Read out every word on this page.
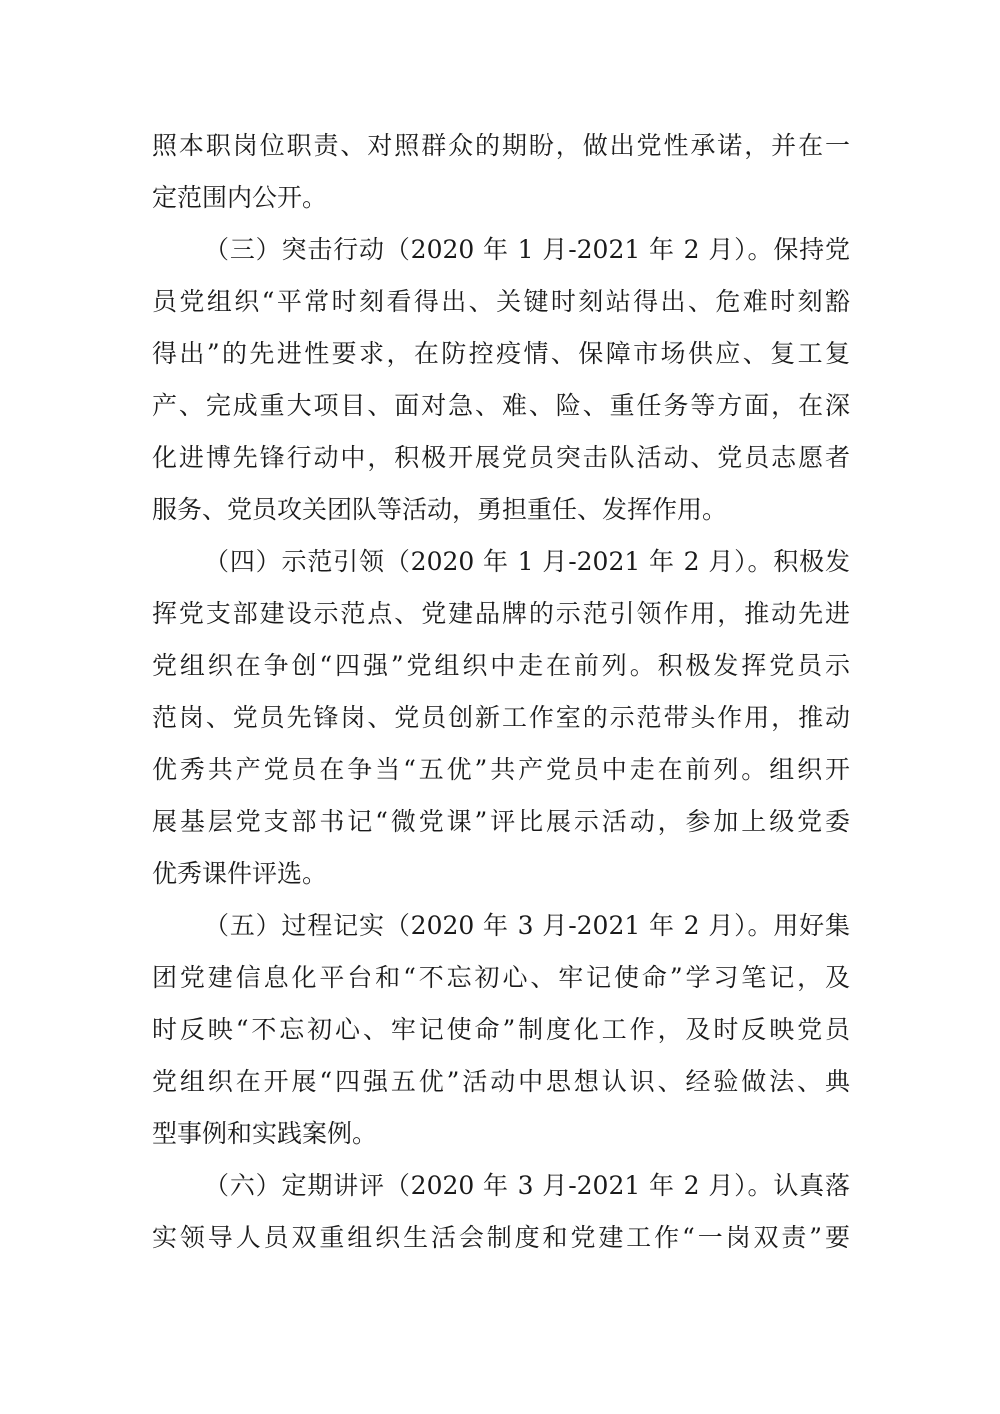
照本职岗位职责、对照群众的期盼，做出党性承诺，并在一
定范围内公开。
（三）突击行动（2020 年 1 月-2021 年 2 月）。保持党
员党组织“平常时刻看得出、关键时刻站得出、危难时刻豁
得出”的先进性要求，在防控疫情、保障市场供应、复工复
产、完成重大项目、面对急、难、险、重任务等方面，在深
化进博先锋行动中，积极开展党员突击队活动、党员志愿者
服务、党员攻关团队等活动，勇担重任、发挥作用。
（四）示范引领（2020 年 1 月-2021 年 2 月）。积极发
挥党支部建设示范点、党建品牌的示范引领作用，推动先进
党组织在争创“四强”党组织中走在前列。积极发挥党员示
范岗、党员先锋岗、党员创新工作室的示范带头作用，推动
优秀共产党员在争当“五优”共产党员中走在前列。组织开
展基层党支部书记“微党课”评比展示活动，参加上级党委
优秀课件评选。
（五）过程记实（2020 年 3 月-2021 年 2 月）。用好集
团党建信息化平台和“不忘初心、牢记使命”学习笔记，及
时反映“不忘初心、牢记使命”制度化工作，及时反映党员
党组织在开展“四强五优”活动中思想认识、经验做法、典
型事例和实践案例。
（六）定期讲评（2020 年 3 月-2021 年 2 月）。认真落
实领导人员双重组织生活会制度和党建工作“一岗双责”要
